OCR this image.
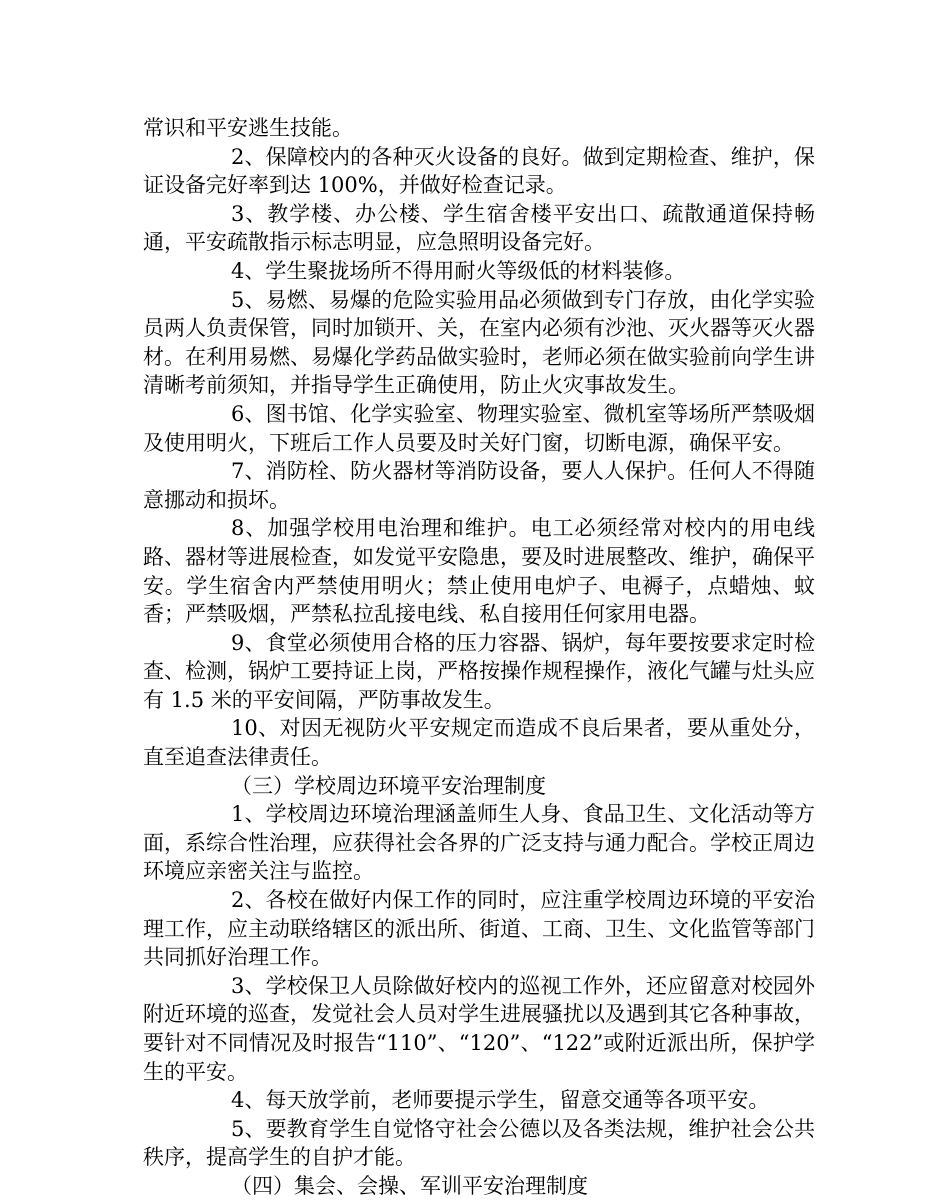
常识和平安逃生技能。

2、保障校内的各种灭火设备的良好。做到定期检查、维护，保证设备完好率到达 100%，并做好检查记录。

3、教学楼、办公楼、学生宿舍楼平安出口、疏散通道保持畅通，平安疏散指示标志明显，应急照明设备完好。

4、学生聚拢场所不得用耐火等级低的材料装修。

5、易燃、易爆的危险实验用品必须做到专门存放，由化学实验员两人负责保管，同时加锁开、关，在室内必须有沙池、灭火器等灭火器材。在利用易燃、易爆化学药品做实验时，老师必须在做实验前向学生讲清晰考前须知，并指导学生正确使用，防止火灾事故发生。

6、图书馆、化学实验室、物理实验室、微机室等场所严禁吸烟及使用明火，下班后工作人员要及时关好门窗，切断电源，确保平安。

7、消防栓、防火器材等消防设备，要人人保护。任何人不得随意挪动和损坏。

8、加强学校用电治理和维护。电工必须经常对校内的用电线路、器材等进展检查，如发觉平安隐患，要及时进展整改、维护，确保平安。学生宿舍内严禁使用明火；禁止使用电炉子、电褥子，点蜡烛、蚊香；严禁吸烟，严禁私拉乱接电线、私自接用任何家用电器。

9、食堂必须使用合格的压力容器、锅炉，每年要按要求定时检查、检测，锅炉工要持证上岗，严格按操作规程操作，液化气罐与灶头应有 1.5 米的平安间隔，严防事故发生。

10、对因无视防火平安规定而造成不良后果者，要从重处分，直至追查法律责任。

（三）学校周边环境平安治理制度

1、学校周边环境治理涵盖师生人身、食品卫生、文化活动等方面，系综合性治理，应获得社会各界的广泛支持与通力配合。学校正周边环境应亲密关注与监控。

2、各校在做好内保工作的同时，应注重学校周边环境的平安治理工作，应主动联络辖区的派出所、街道、工商、卫生、文化监管等部门共同抓好治理工作。

3、学校保卫人员除做好校内的巡视工作外，还应留意对校园外附近环境的巡查，发觉社会人员对学生进展骚扰以及遇到其它各种事故，要针对不同情况及时报告“110”、“120”、“122”或附近派出所，保护学生的平安。

4、每天放学前，老师要提示学生，留意交通等各项平安。

5、要教育学生自觉恪守社会公德以及各类法规，维护社会公共秩序，提高学生的自护才能。

（四）集会、会操、军训平安治理制度
